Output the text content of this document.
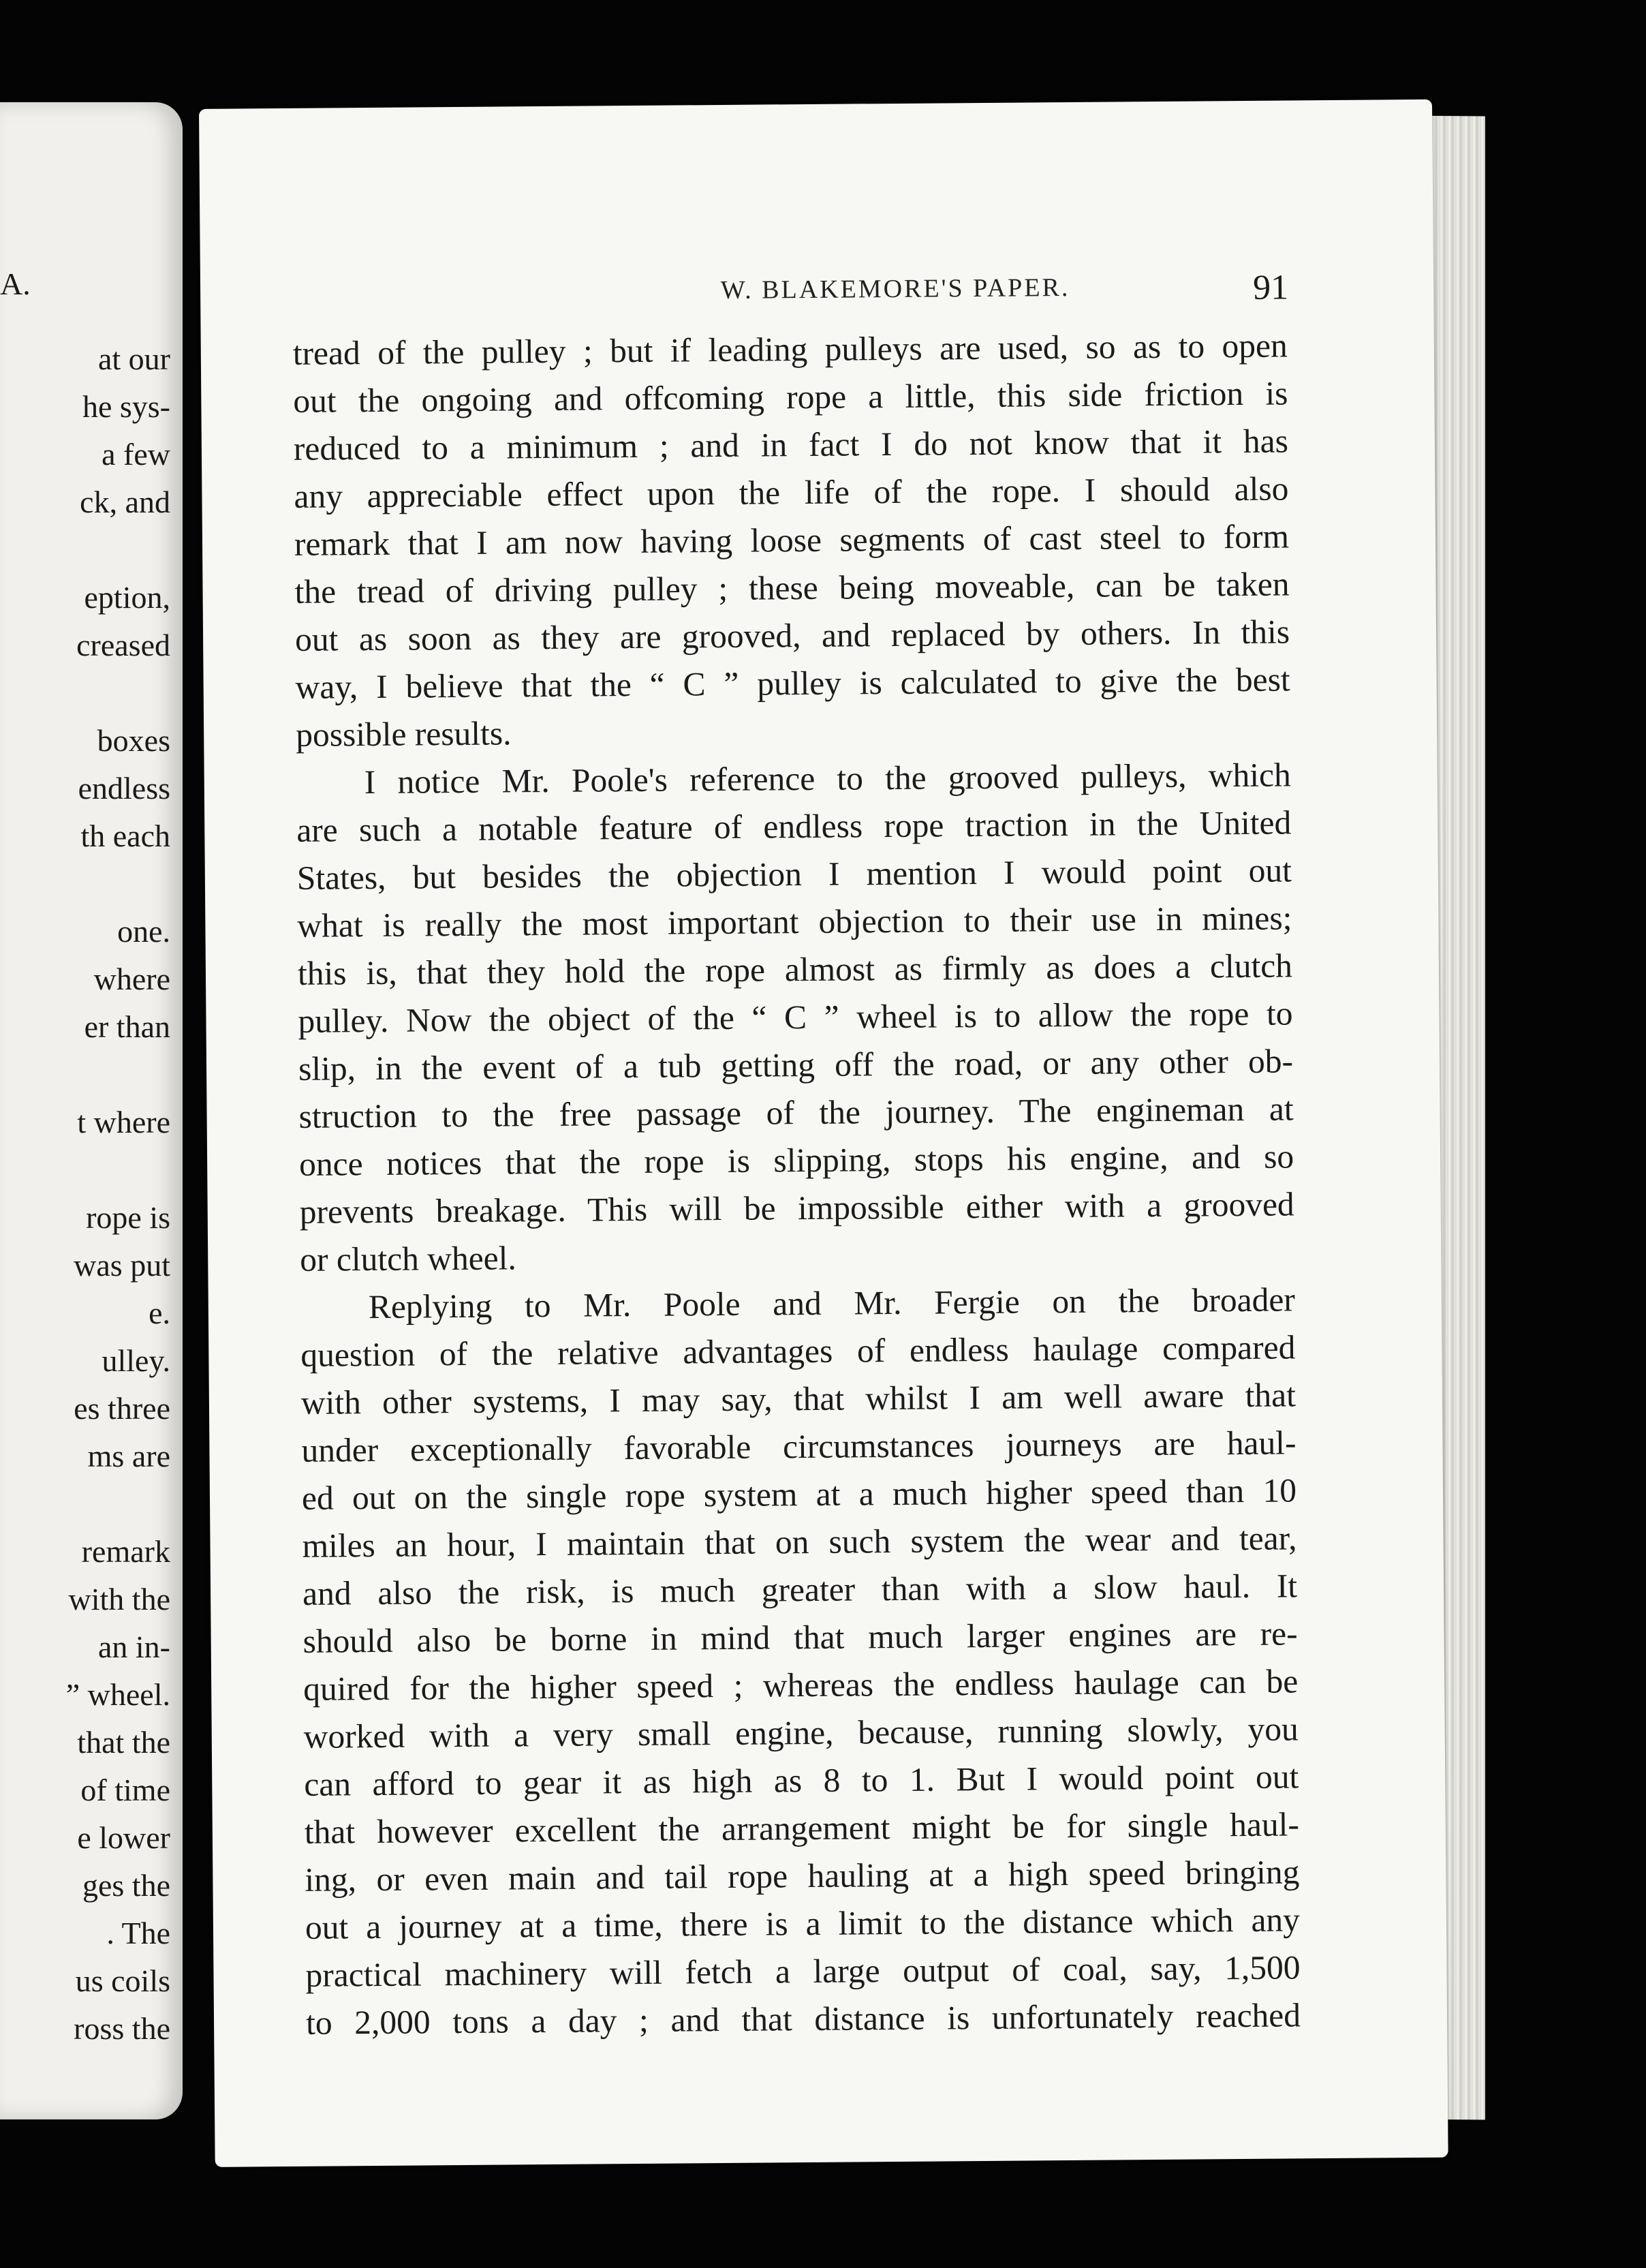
A.
at our
he sys-
a few
ck, and
eption,
creased
boxes
endless
th each
one.
where
er than
t where
rope is
was put
e.
ulley.
es three
ms are
remark
with the
an in-
” wheel.
that the
of time
e lower
ges the
. The
us coils
ross the
W. BLAKEMORE'S PAPER.	91
tread of the pulley ; but if leading pulleys are used, so as to open
out the ongoing and offcoming rope a little, this side friction is
reduced to a minimum ; and in fact I do not know that it has
any appreciable effect upon the life of the rope. I should also
remark that I am now having loose segments of cast steel to form
the tread of driving pulley ; these being moveable, can be taken
out as soon as they are grooved, and replaced by others. In this
way, I believe that the “ C ” pulley is calculated to give the best
possible results.
I notice Mr. Poole's reference to the grooved pulleys, which
are such a notable feature of endless rope traction in the United
States, but besides the objection I mention I would point out
what is really the most important objection to their use in mines;
this is, that they hold the rope almost as firmly as does a clutch
pulley. Now the object of the “ C ” wheel is to allow the rope to
slip, in the event of a tub getting off the road, or any other ob-
struction to the free passage of the journey. The engineman at
once notices that the rope is slipping, stops his engine, and so
prevents breakage. This will be impossible either with a grooved
or clutch wheel.
Replying to Mr. Poole and Mr. Fergie on the broader
question of the relative advantages of endless haulage compared
with other systems, I may say, that whilst I am well aware that
under exceptionally favorable circumstances journeys are haul-
ed out on the single rope system at a much higher speed than 10
miles an hour, I maintain that on such system the wear and tear,
and also the risk, is much greater than with a slow haul. It
should also be borne in mind that much larger engines are re-
quired for the higher speed ; whereas the endless haulage can be
worked with a very small engine, because, running slowly, you
can afford to gear it as high as 8 to 1. But I would point out
that however excellent the arrangement might be for single haul-
ing, or even main and tail rope hauling at a high speed bringing
out a journey at a time, there is a limit to the distance which any
practical machinery will fetch a large output of coal, say, 1,500
to 2,000 tons a day ; and that distance is unfortunately reached
